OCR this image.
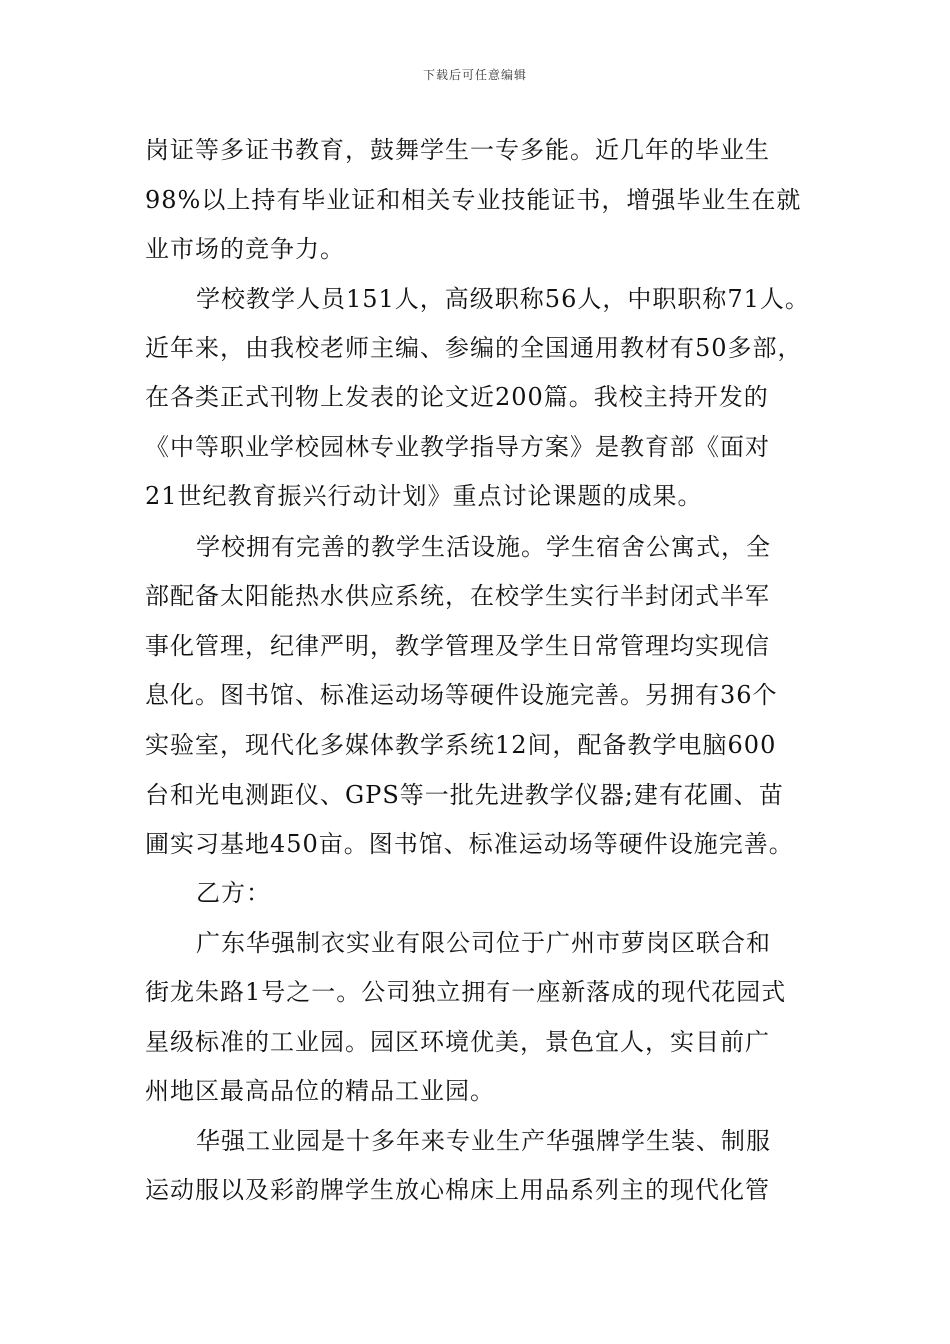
下载后可任意编辑
岗证等多证书教育，鼓舞学生一专多能。近几年的毕业生
98%以上持有毕业证和相关专业技能证书，增强毕业生在就
业市场的竞争力。
学校教学人员151人，高级职称56人，中职职称71人。
近年来，由我校老师主编、参编的全国通用教材有50多部，
在各类正式刊物上发表的论文近200篇。我校主持开发的
《中等职业学校园林专业教学指导方案》是教育部《面对
21世纪教育振兴行动计划》重点讨论课题的成果。
学校拥有完善的教学生活设施。学生宿舍公寓式，全
部配备太阳能热水供应系统，在校学生实行半封闭式半军
事化管理，纪律严明，教学管理及学生日常管理均实现信
息化。图书馆、标准运动场等硬件设施完善。另拥有36个
实验室，现代化多媒体教学系统12间，配备教学电脑600
台和光电测距仪、GPS等一批先进教学仪器;建有花圃、苗
圃实习基地450亩。图书馆、标准运动场等硬件设施完善。
乙方：
广东华强制衣实业有限公司位于广州市萝岗区联合和
街龙朱路1号之一。公司独立拥有一座新落成的现代花园式
星级标准的工业园。园区环境优美，景色宜人，实目前广
州地区最高品位的精品工业园。
华强工业园是十多年来专业生产华强牌学生装、制服
运动服以及彩韵牌学生放心棉床上用品系列主的现代化管
